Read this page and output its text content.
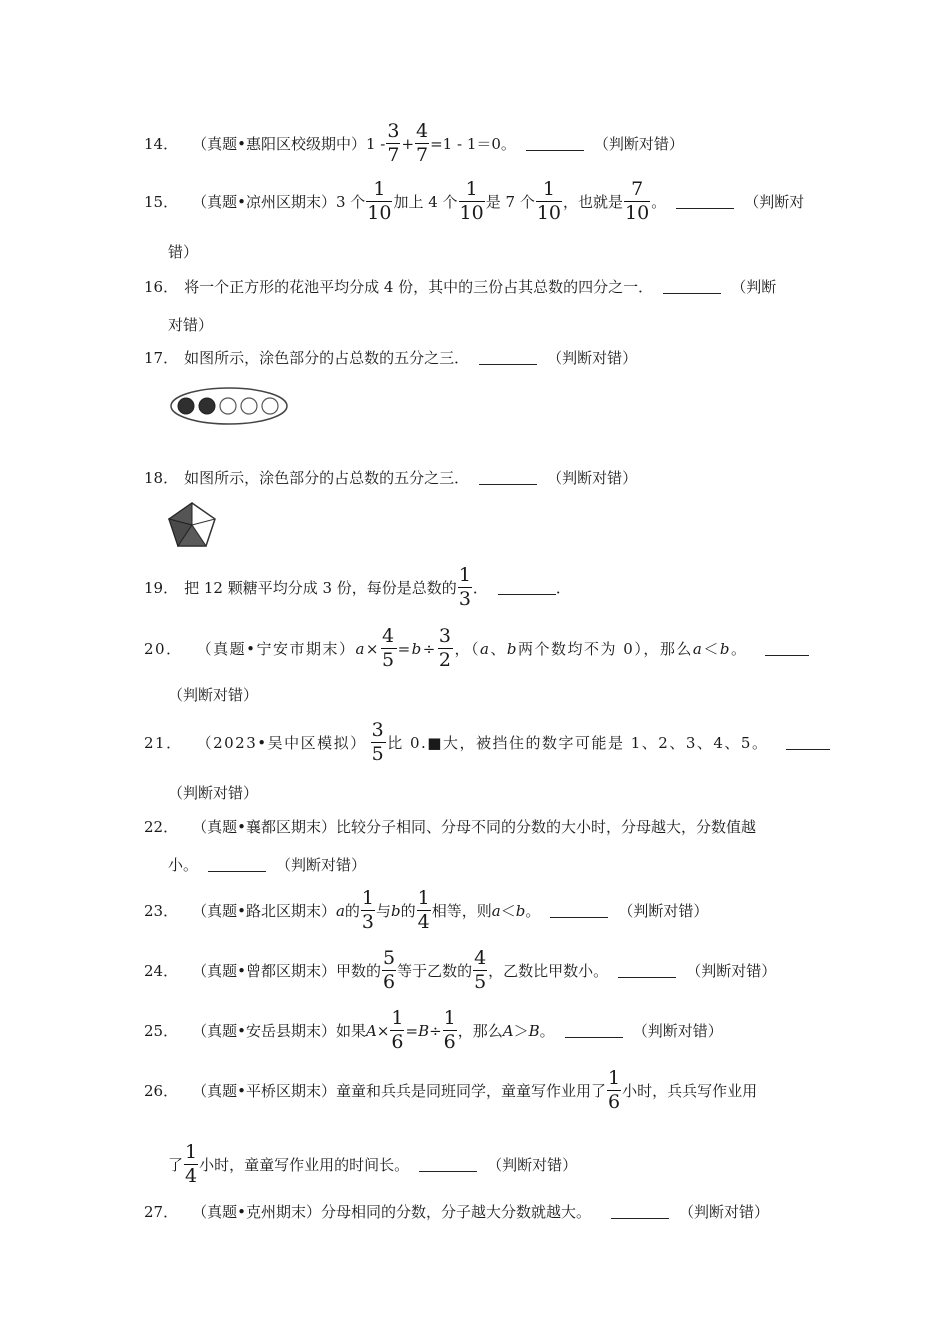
14． （真题•惠阳区校级期中） $1 - \frac{3}{7} + \frac{4}{7} =1 - 1=0$。	（判断对错）
15． （真题•凉州区期末） 3 个 $\frac{1}{10}$ 加上 4 个 $\frac{1}{10}$ 是 7 个 $\frac{1}{10}$ ，也就是 $\frac{7}{10}$ 。	（判断对
错）
16． 将一个正方形的花池平均分成 4 份，其中的三份占其总数的四分之一．	（判断
对错）
17． 如图所示，涂色部分的占总数的五分之三．	（判断对错）
18． 如图所示，涂色部分的占总数的五分之三．	（判断对错）
19． 把 12 颗糖平均分成 3 份，每份是总数的 $\frac{1}{3}$ ．	．
20． （真题•宁安市期末） $a \times \frac{4}{5} = b \div \frac{3}{2}$ ，（ a 、 b 两个数均不为 0），那么 a ＜ b 。
（判断对错）
21． （2023•吴中区模拟） $\frac{3}{5}$ 比 0.■大，被挡住的数字可能是 1、2、3、4、5。
（判断对错）
22． （真题•襄都区期末） 比较分子相同、分母不同的分数的大小时，分母越大，分数值越
小。	（判断对错）
23． （真题•路北区期末） a 的 $\frac{1}{3}$ 与 b 的 $\frac{1}{4}$ 相等，则 a ＜ b 。	（判断对错）
24． （真题•曾都区期末） 甲数的 $\frac{5}{6}$ 等于乙数的 $\frac{4}{5}$ ，乙数比甲数小。	（判断对错）
25． （真题•安岳县期末） 如果 $A \times \frac{1}{6} = B \div \frac{1}{6}$ ，那么 A ＞ B 。	（判断对错）
26． （真题•平桥区期末） 童童和兵兵是同班同学，童童写作业用了 $\frac{1}{6}$ 小时，兵兵写作业用
了 $\frac{1}{4}$ 小时，童童写作业用的时间长。	（判断对错）
27． （真题•克州期末） 分母相同的分数，分子越大分数就越大。	（判断对错）
